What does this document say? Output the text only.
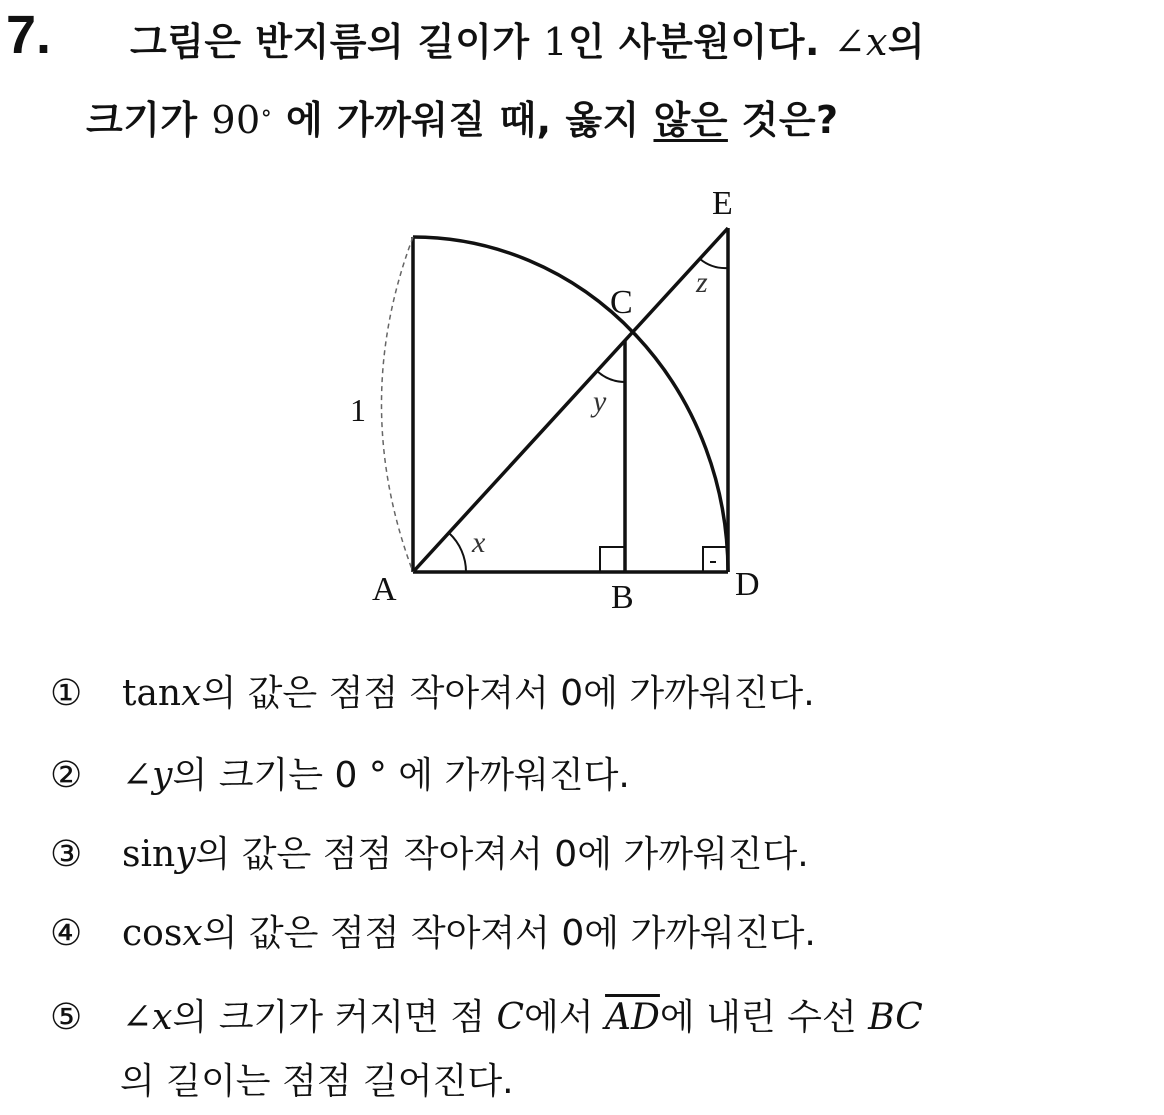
7. 그림은 반지름의 길이가 1인 사분원이다. ∠x의
크기가 90° 에 가까워질 때, 옳지 않은 것은?
E
C
A	B	D
1
x
y
z
① tanx의 값은 점점 작아져서 0에 가까워진다.
② ∠y의 크기는 0 ° 에 가까워진다.
③ siny의 값은 점점 작아져서 0에 가까워진다.
④ cosx의 값은 점점 작아져서 0에 가까워진다.
⑤ ∠x의 크기가 커지면 점 C에서 $\overline{AD}$에 내린 수선 BC
의 길이는 점점 길어진다.
